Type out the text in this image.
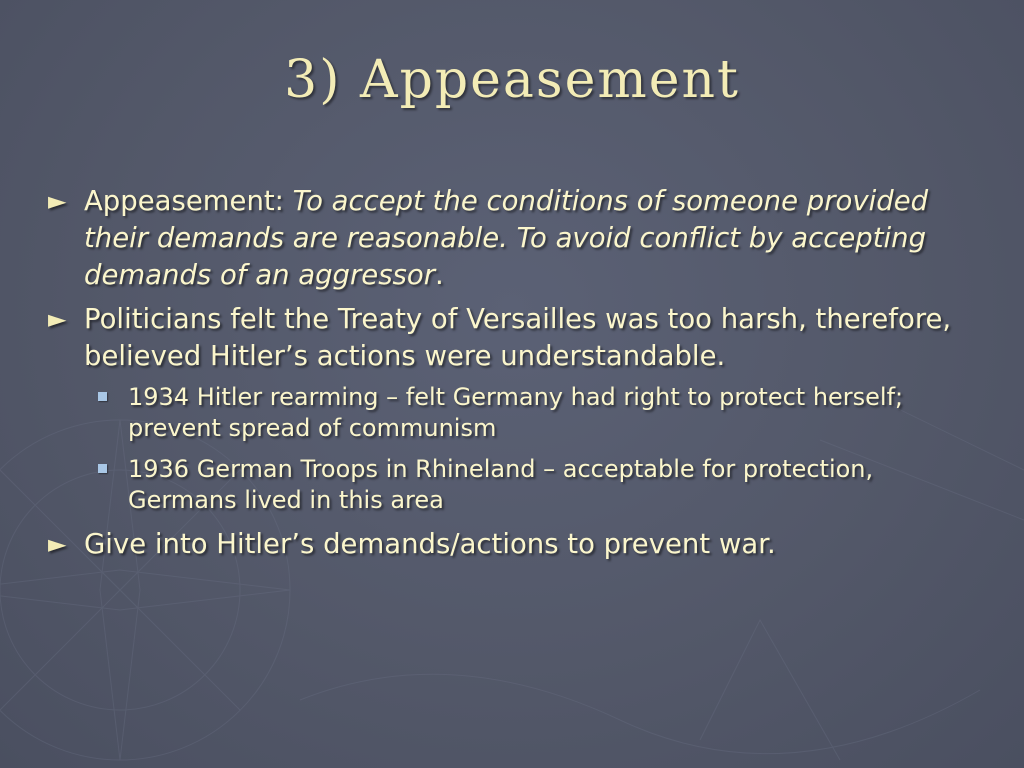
3) Appeasement
► Appeasement: To accept the conditions of someone provided their demands are reasonable. To avoid conflict by accepting demands of an aggressor.
► Politicians felt the Treaty of Versailles was too harsh, therefore, believed Hitler’s actions were understandable.
1934 Hitler rearming – felt Germany had right to protect herself; prevent spread of communism
1936 German Troops in Rhineland – acceptable for protection, Germans lived in this area
► Give into Hitler’s demands/actions to prevent war.
